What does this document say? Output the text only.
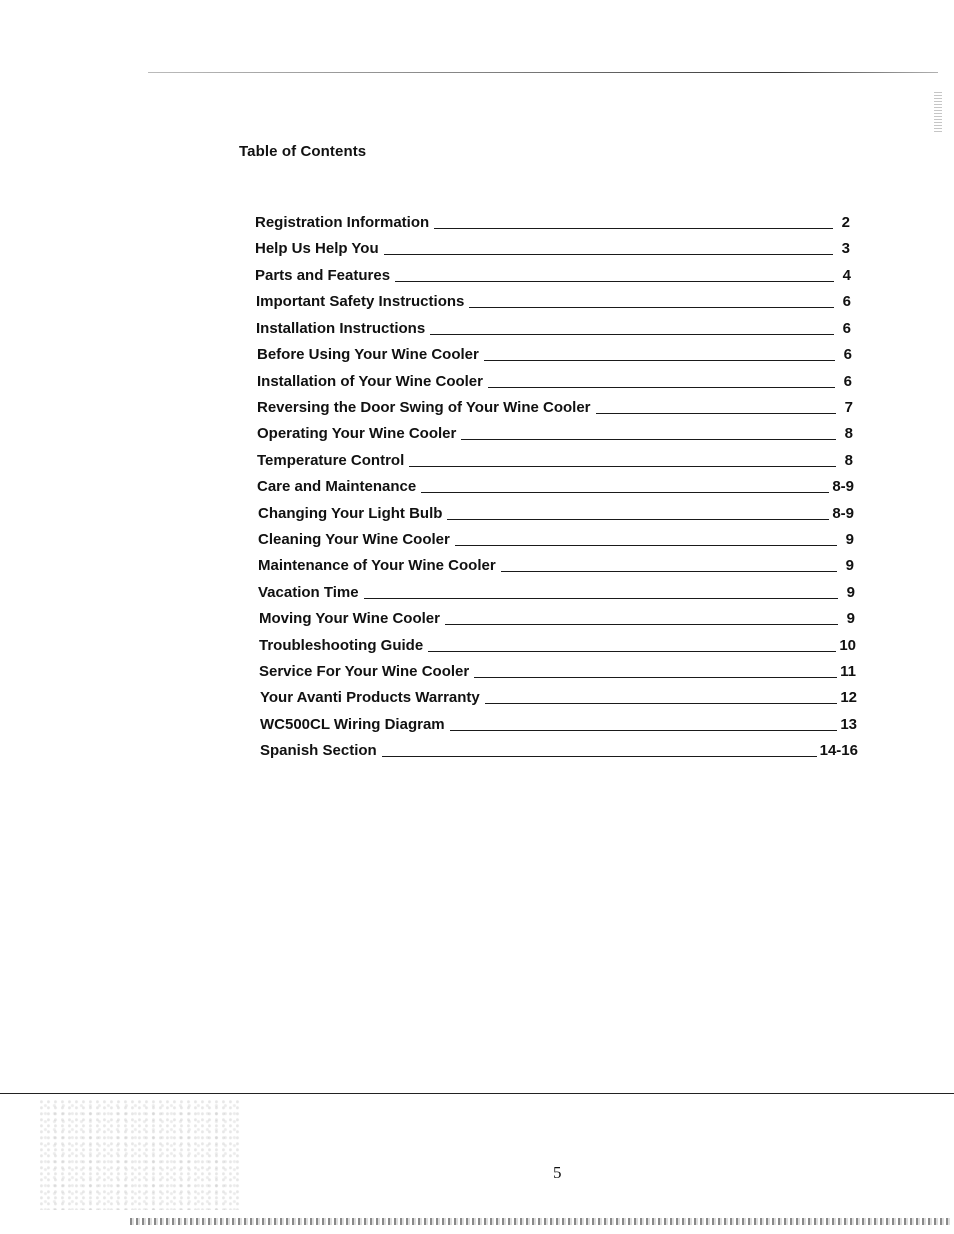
Table of Contents
Registration Information	2
Help Us Help You	3
Parts and Features	4
Important Safety Instructions	6
Installation Instructions	6
Before Using Your Wine Cooler	6
Installation of Your Wine Cooler	6
Reversing the Door Swing of Your Wine Cooler	7
Operating Your Wine Cooler	8
Temperature Control	8
Care and Maintenance	8-9
Changing Your Light Bulb	8-9
Cleaning Your Wine Cooler	9
Maintenance of Your Wine Cooler	9
Vacation Time	9
Moving Your Wine Cooler	9
Troubleshooting Guide	10
Service For Your Wine Cooler	11
Your Avanti Products Warranty	12
WC500CL Wiring Diagram	13
Spanish Section	14-16
5
